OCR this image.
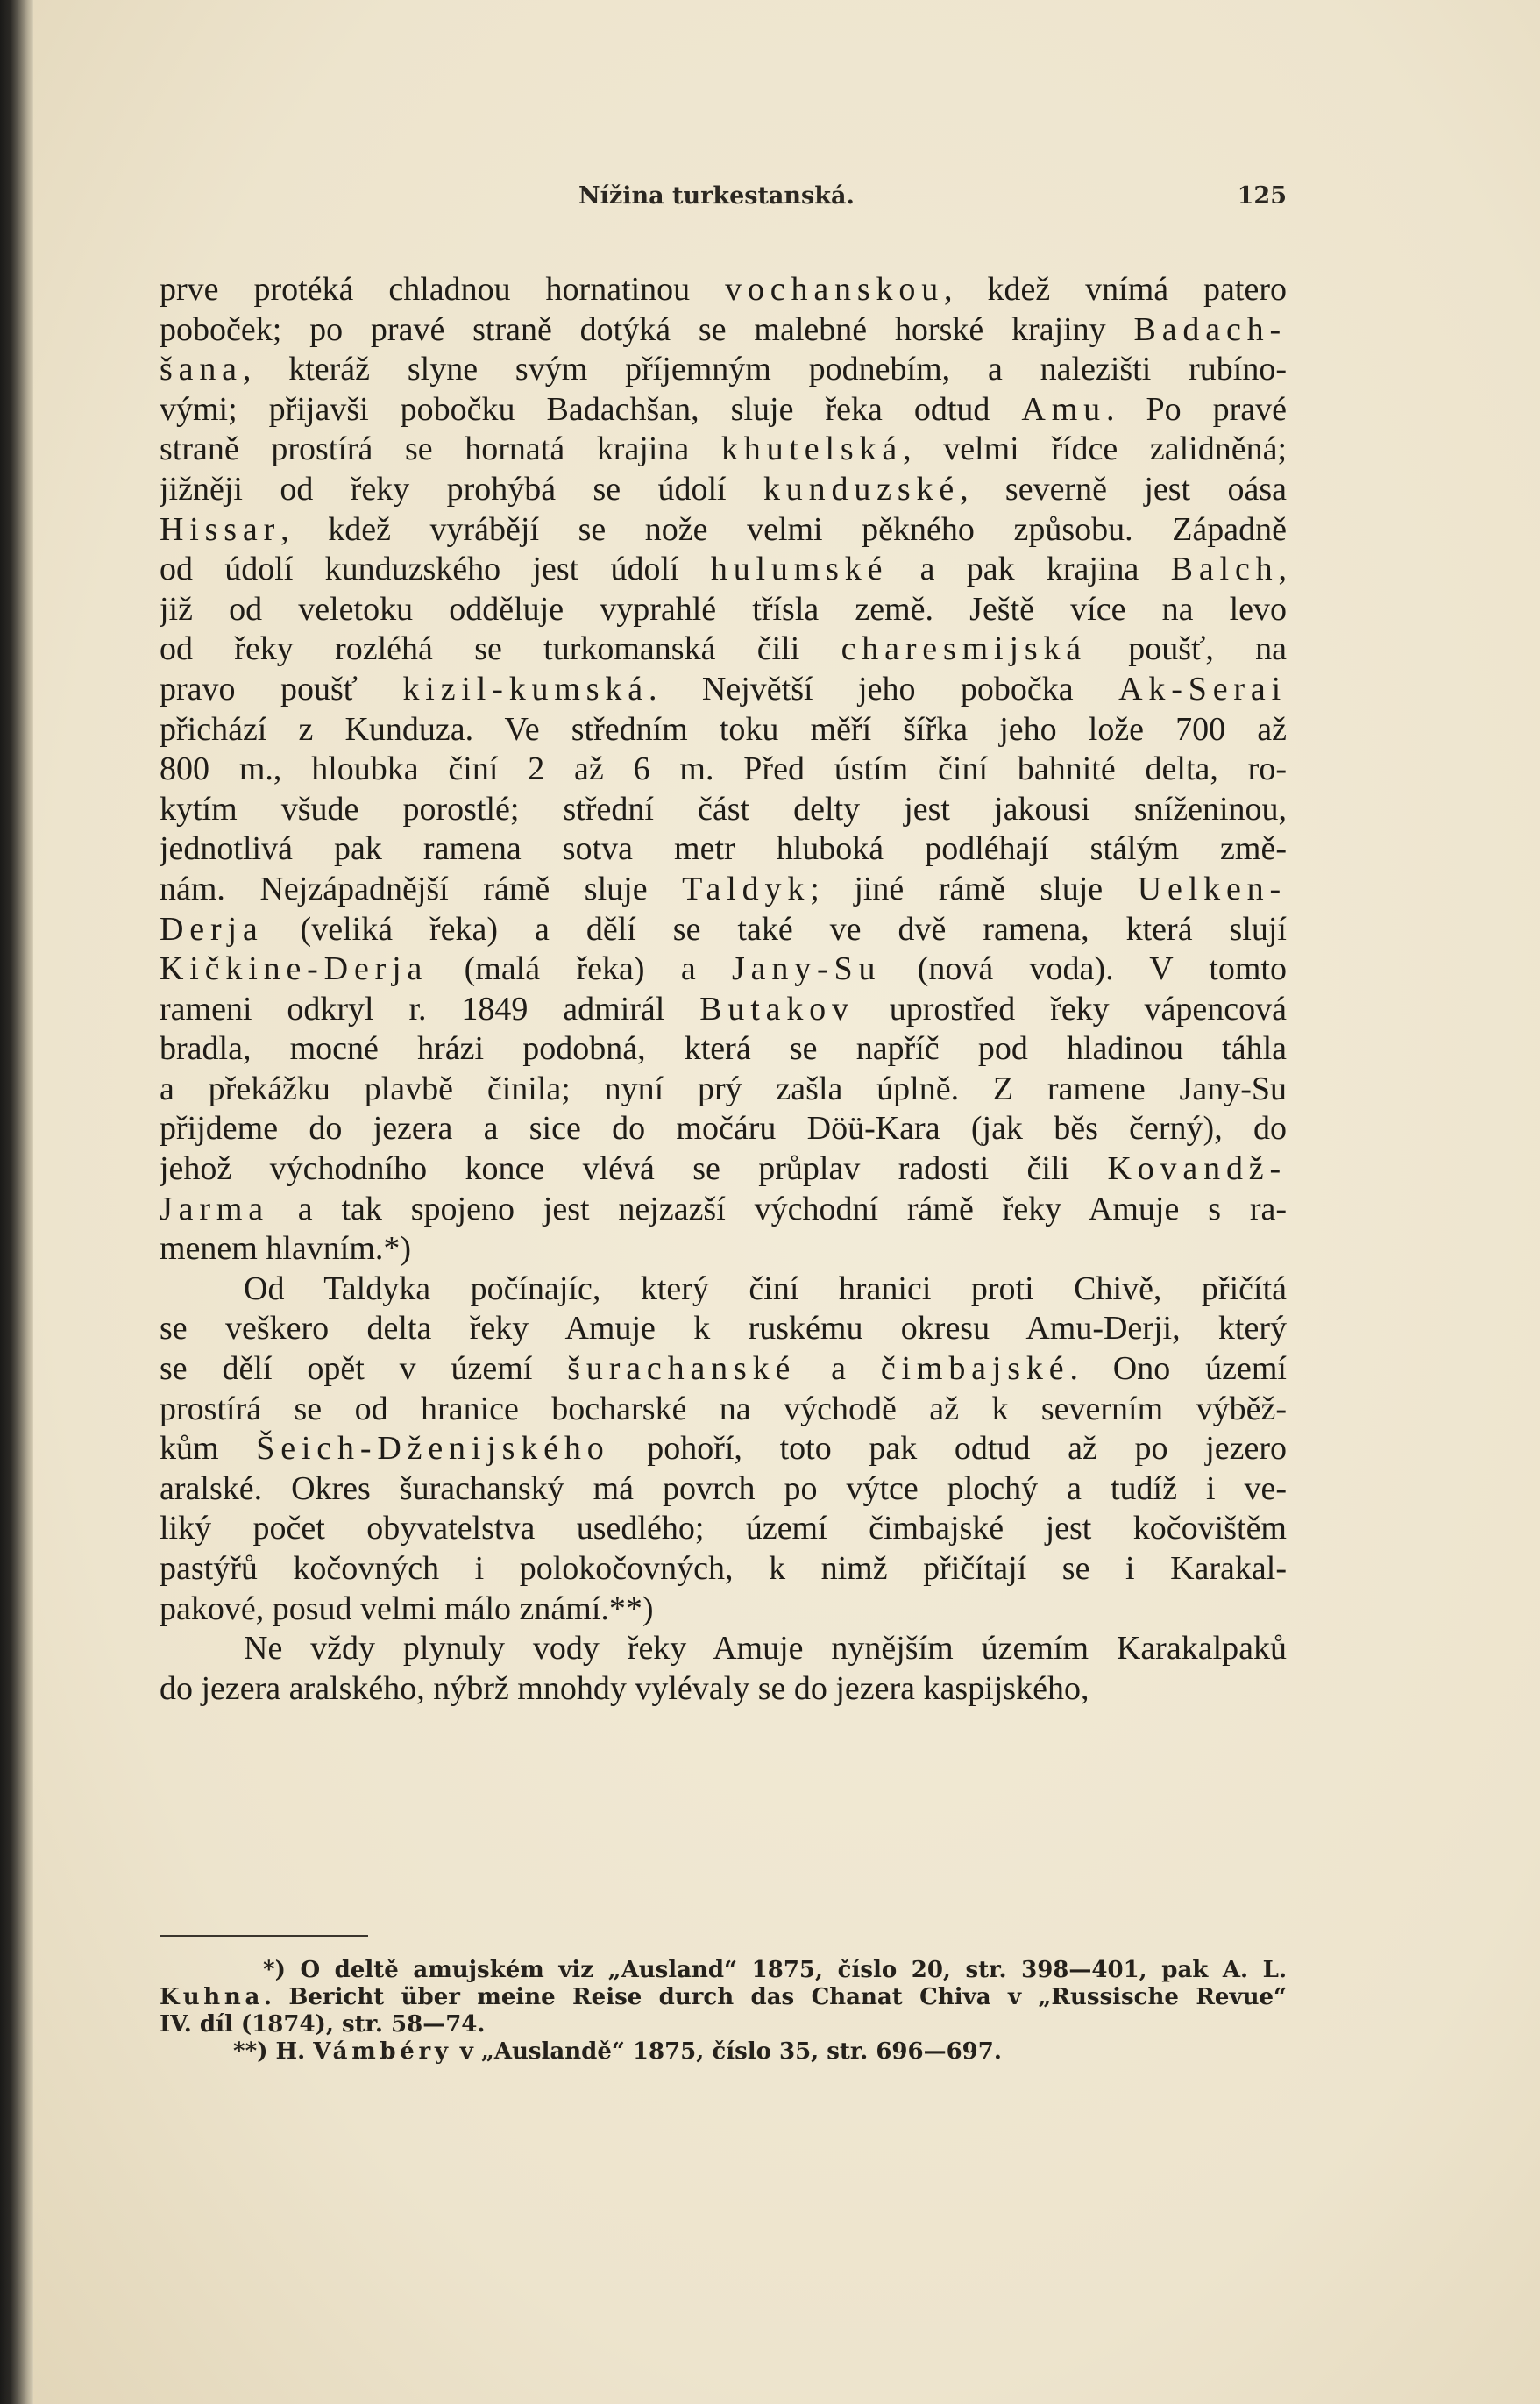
Nížina turkestanská.	125
prve protéká chladnou hornatinou vochanskou, kdež vnímá patero
poboček; po pravé straně dotýká se malebné horské krajiny Badach-
šana, kteráž slyne svým příjemným podnebím, a nalezišti rubíno-
vými; přijavši pobočku Badachšan, sluje řeka odtud Amu. Po pravé
straně prostírá se hornatá krajina khutelská, velmi řídce zalidněná;
jižněji od řeky prohýbá se údolí kunduzské, severně jest oása
Hissar, kdež vyrábějí se nože velmi pěkného způsobu. Západně
od údolí kunduzského jest údolí hulumské a pak krajina Balch,
již od veletoku odděluje vyprahlé třísla země. Ještě více na levo
od řeky rozléhá se turkomanská čili charesmijská poušť, na
pravo poušť kizil-kumská. Největší jeho pobočka Ak-Serai
přichází z Kunduza. Ve středním toku měří šířka jeho lože 700 až
800 m., hloubka činí 2 až 6 m. Před ústím činí bahnité delta, ro-
kytím všude porostlé; střední část delty jest jakousi sníženinou,
jednotlivá pak ramena sotva metr hluboká podléhají stálým změ-
nám. Nejzápadnější rámě sluje Taldyk; jiné rámě sluje Uelken-
Derja (veliká řeka) a dělí se také ve dvě ramena, která slují
Kičkine-Derja (malá řeka) a Jany-Su (nová voda). V tomto
rameni odkryl r. 1849 admirál Butakov uprostřed řeky vápencová
bradla, mocné hrázi podobná, která se napříč pod hladinou táhla
a překážku plavbě činila; nyní prý zašla úplně. Z ramene Jany-Su
přijdeme do jezera a sice do močáru Döü-Kara (jak běs černý), do
jehož východního konce vlévá se průplav radosti čili Kovandž-
Jarma a tak spojeno jest nejzazší východní rámě řeky Amuje s ra-
menem hlavním.*)
Od Taldyka počínajíc, který činí hranici proti Chivě, přičítá
se veškero delta řeky Amuje k ruskému okresu Amu-Derji, který
se dělí opět v území šurachanské a čimbajské. Ono území
prostírá se od hranice bocharské na východě až k severním výběž-
kům Šeich-Dženijského pohoří, toto pak odtud až po jezero
aralské. Okres šurachanský má povrch po výtce plochý a tudíž i ve-
liký počet obyvatelstva usedlého; území čimbajské jest kočovištěm
pastýřů kočovných i polokočovných, k nimž přičítají se i Karakal-
pakové, posud velmi málo známí.**)
Ne vždy plynuly vody řeky Amuje nynějším územím Karakalpaků
do jezera aralského, nýbrž mnohdy vylévaly se do jezera kaspijského,
*) O deltě amujském viz „Ausland“ 1875, číslo 20, str. 398—401, pak A. L.
Kuhna. Bericht über meine Reise durch das Chanat Chiva v „Russische Revue“
IV. díl (1874), str. 58—74.
**) H. Vámbéry v „Auslandě“ 1875, číslo 35, str. 696—697.
